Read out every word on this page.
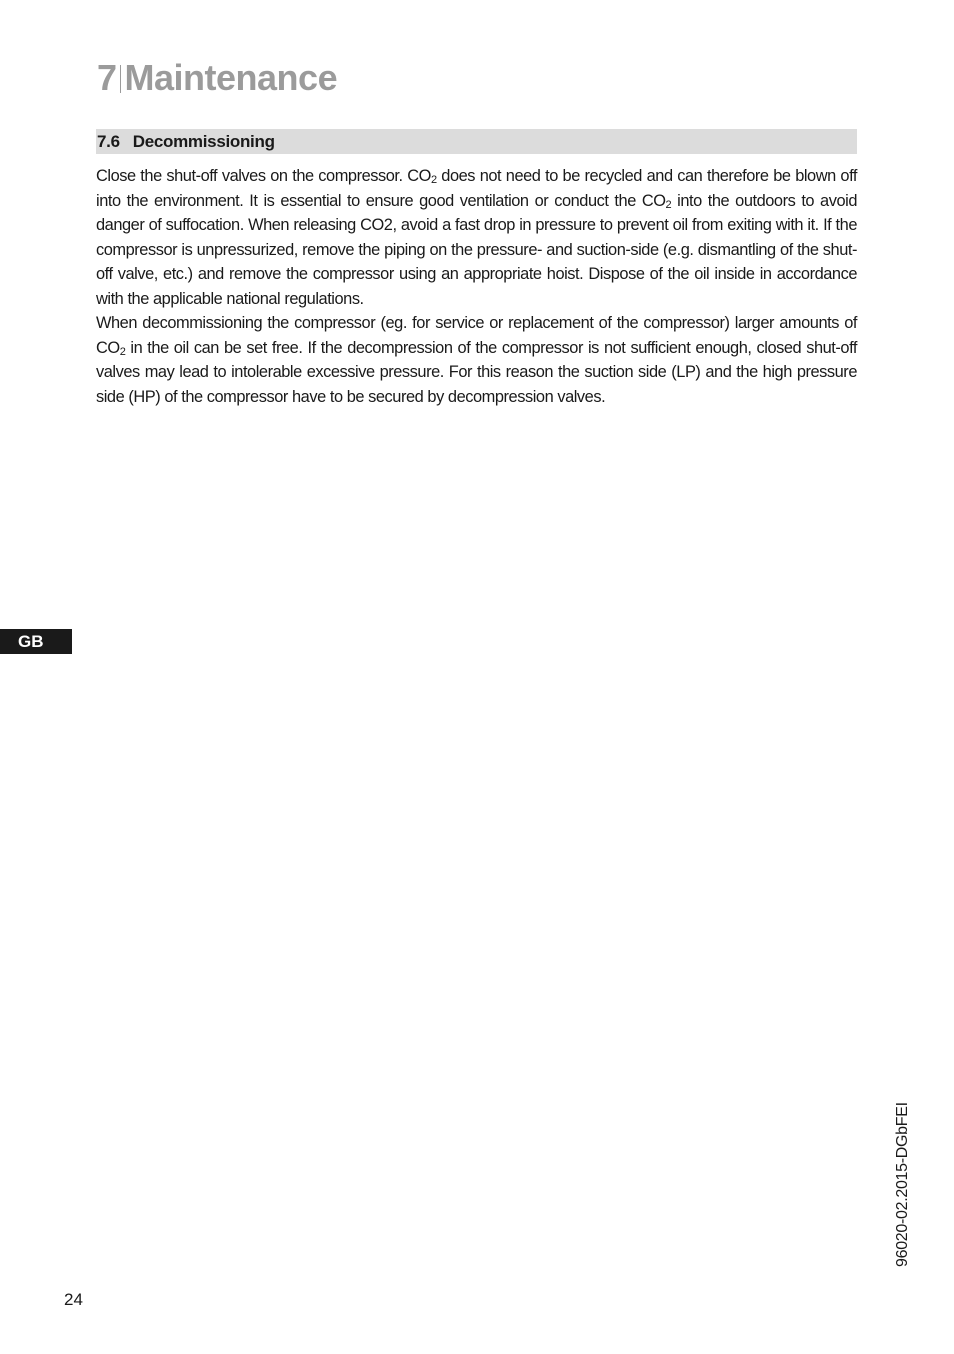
7 Maintenance
7.6 Decommissioning

Close the shut-off valves on the compressor. $CO_2$ does not need to be recycled and can therefore be blown off into the environment. It is essential to ensure good ventilation or conduct the $CO_2$ into the outdoors to avoid danger of suffocation. When releasing CO2, avoid a fast drop in pressure to prevent oil from exiting with it. If the compressor is unpressurized, remove the piping on the pressure- and suction-side (e.g. dismantling of the shut-off valve, etc.) and remove the compressor using an appropriate hoist. Dispose of the oil inside in accordance with the applicable national regulations.

When decommissioning the compressor (eg. for service or replacement of the compressor) larger amounts of $CO_2$ in the oil can be set free. If the decompression of the compressor is not sufficient enough, closed shut-off valves may lead to intolerable excessive pressure. For this reason the suction side (LP) and the high pressure side (HP) of the compressor have to be secured by decompression valves.

GB
24
96020-02.2015-DGbFEI
